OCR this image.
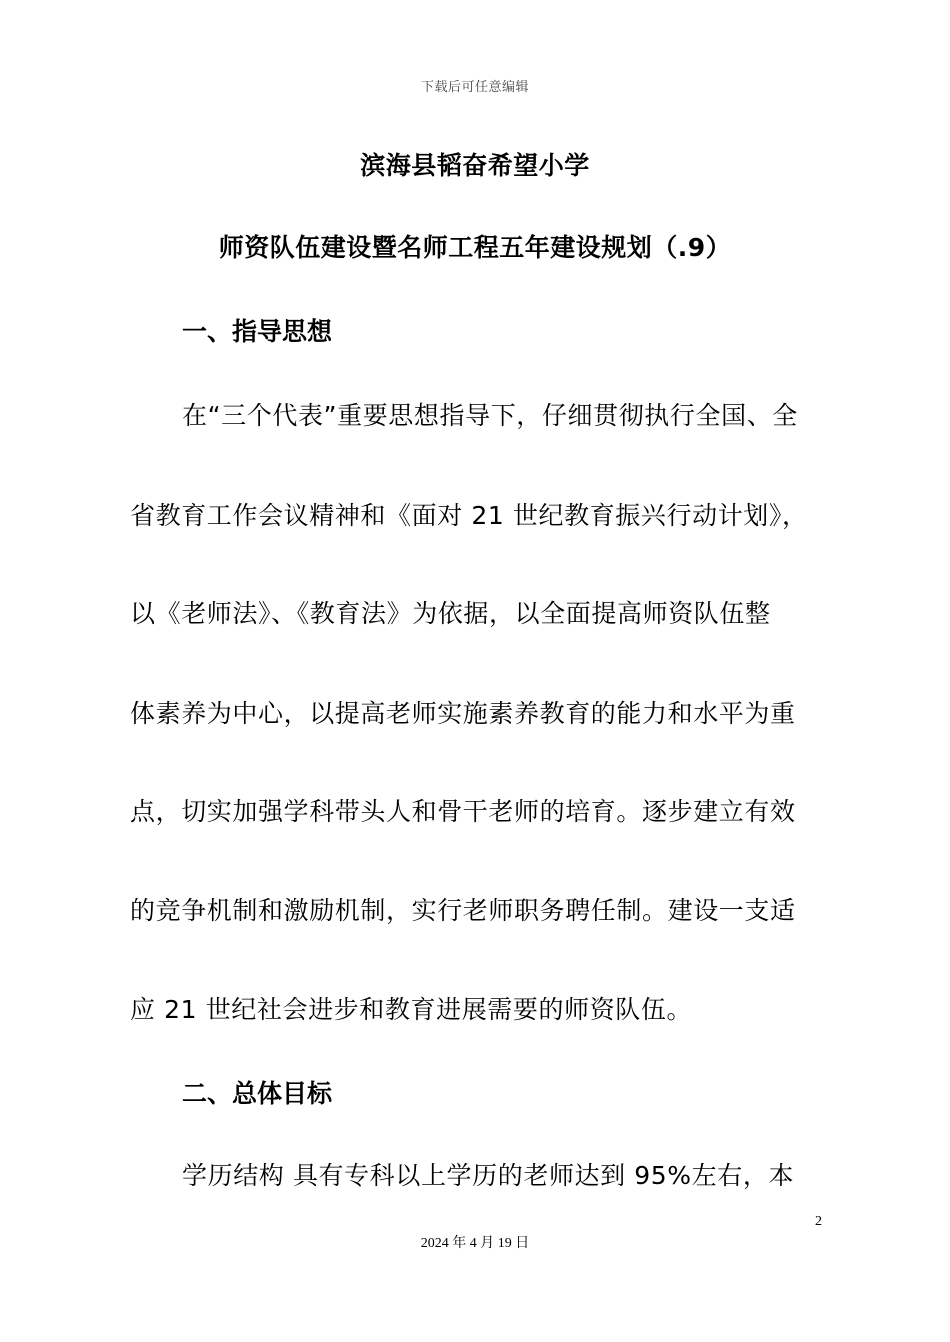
下载后可任意编辑
滨海县韬奋希望小学
师资队伍建设暨名师工程五年建设规划（.9）
一、指导思想
在“三个代表”重要思想指导下，仔细贯彻执行全国、全
省教育工作会议精神和《面对 21 世纪教育振兴行动计划》，
以《老师法》、《教育法》为依据，以全面提高师资队伍整
体素养为中心，以提高老师实施素养教育的能力和水平为重
点，切实加强学科带头人和骨干老师的培育。逐步建立有效
的竞争机制和激励机制，实行老师职务聘任制。建设一支适
应 21 世纪社会进步和教育进展需要的师资队伍。
二、总体目标
学历结构 具有专科以上学历的老师达到 95%左右，本
2
2024 年 4 月 19 日
